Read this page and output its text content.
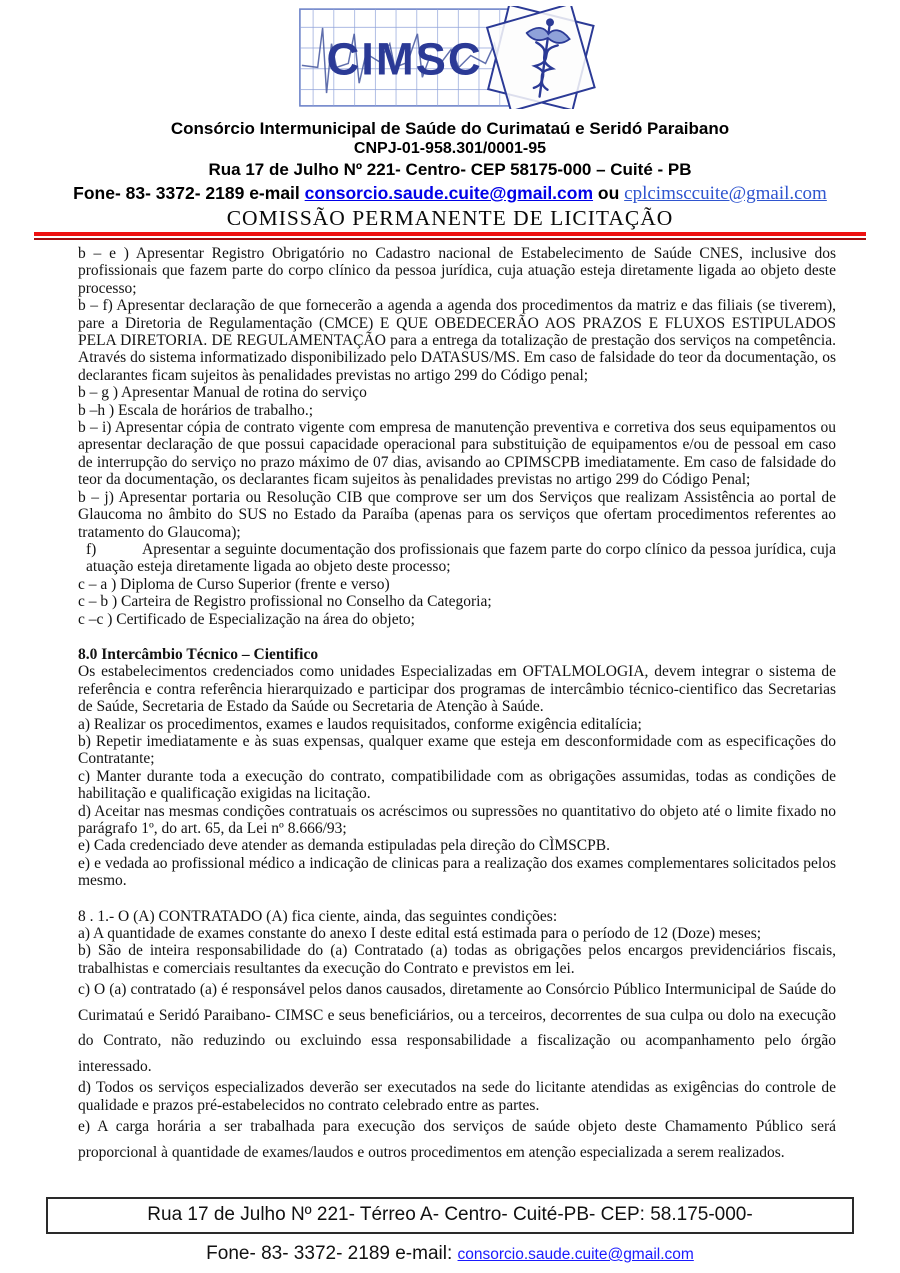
CIMSC
Consórcio Intermunicipal de Saúde do Curimataú e Seridó Paraibano
CNPJ-01-958.301/0001-95
Rua 17 de Julho Nº 221- Centro- CEP 58175-000 – Cuité - PB
Fone- 83- 3372- 2189 e-mail consorcio.saude.cuite@gmail.com ou cplcimsccuite@gmail.com
COMISSÃO PERMANENTE DE LICITAÇÃO

b – e ) Apresentar Registro Obrigatório no Cadastro nacional de Estabelecimento de Saúde CNES, inclusive dos profissionais que fazem parte do corpo clínico da pessoa jurídica, cuja atuação esteja diretamente ligada ao objeto deste processo;

b – f) Apresentar declaração de que fornecerão a agenda a agenda dos procedimentos da matriz e das filiais (se tiverem), pare a Diretoria de Regulamentação (CMCE) E QUE OBEDECERÃO AOS PRAZOS E FLUXOS ESTIPULADOS PELA DIRETORIA. DE REGULAMENTAÇÃO para a entrega da totalização de prestação dos serviços na competência. Através do sistema informatizado disponibilizado pelo DATASUS/MS. Em caso de falsidade do teor da documentação, os declarantes ficam sujeitos às penalidades previstas no artigo 299 do Código penal;

b – g ) Apresentar Manual de rotina do serviço

b –h ) Escala de horários de trabalho.;

b – i) Apresentar cópia de contrato vigente com empresa de manutenção preventiva e corretiva dos seus equipamentos ou apresentar declaração de que possui capacidade operacional para substituição de equipamentos e/ou de pessoal em caso de interrupção do serviço no prazo máximo de 07 dias, avisando ao CPIMSCPB imediatamente. Em caso de falsidade do teor da documentação, os declarantes ficam sujeitos às penalidades previstas no artigo 299 do Código Penal;

b – j) Apresentar portaria ou Resolução CIB que comprove ser um dos Serviços que realizam Assistência ao portal de Glaucoma no âmbito do SUS no Estado da Paraíba (apenas para os serviços que ofertam procedimentos referentes ao tratamento do Glaucoma);

f)	Apresentar a seguinte documentação dos profissionais que fazem parte do corpo clínico da pessoa jurídica, cuja atuação esteja diretamente ligada ao objeto deste processo;

c – a ) Diploma de Curso Superior (frente e verso)

c – b ) Carteira de Registro profissional no Conselho da Categoria;

c –c ) Certificado de Especialização na área do objeto;

8.0 Intercâmbio Técnico – Cientifico

Os estabelecimentos credenciados como unidades Especializadas em OFTALMOLOGIA, devem integrar o sistema de referência e contra referência hierarquizado e participar dos programas de intercâmbio técnico-cientifico das Secretarias de Saúde, Secretaria de Estado da Saúde ou Secretaria de Atenção à Saúde.

a) Realizar os procedimentos, exames e laudos requisitados, conforme exigência editalícia;

b) Repetir imediatamente e às suas expensas, qualquer exame que esteja em desconformidade com as especificações do Contratante;

c) Manter durante toda a execução do contrato, compatibilidade com as obrigações assumidas, todas as condições de habilitação e qualificação exigidas na licitação.

d) Aceitar nas mesmas condições contratuais os acréscimos ou supressões no quantitativo do objeto até o limite fixado no parágrafo 1º, do art. 65, da Lei nº 8.666/93;

e) Cada credenciado deve atender as demanda estipuladas pela direção do CÌMSCPB.

e) e vedada ao profissional médico a indicação de clinicas para a realização dos exames complementares solicitados pelos mesmo.

8 . 1.- O (A) CONTRATADO (A) fica ciente, ainda, das seguintes condições:

a) A quantidade de exames constante do anexo I deste edital está estimada para o período de 12 (Doze) meses;

b) São de inteira responsabilidade do (a) Contratado (a) todas as obrigações pelos encargos previdenciários fiscais, trabalhistas e comerciais resultantes da execução do Contrato e previstos em lei.

c) O (a) contratado (a) é responsável pelos danos causados, diretamente ao Consórcio Público Intermunicipal de Saúde do Curimataú e Seridó Paraibano- CIMSC e seus beneficiários, ou a terceiros, decorrentes de sua culpa ou dolo na execução do Contrato, não reduzindo ou excluindo essa responsabilidade a fiscalização ou acompanhamento pelo órgão interessado.

d) Todos os serviços especializados deverão ser executados na sede do licitante atendidas as exigências do controle de qualidade e prazos pré-estabelecidos no contrato celebrado entre as partes.

e) A carga horária a ser trabalhada para execução dos serviços de saúde objeto deste Chamamento Público será proporcional à quantidade de exames/laudos e outros procedimentos em atenção especializada a serem realizados.

Rua 17 de Julho Nº 221- Térreo A- Centro- Cuité-PB- CEP: 58.175-000-
Fone- 83- 3372- 2189 e-mail: consorcio.saude.cuite@gmail.com
